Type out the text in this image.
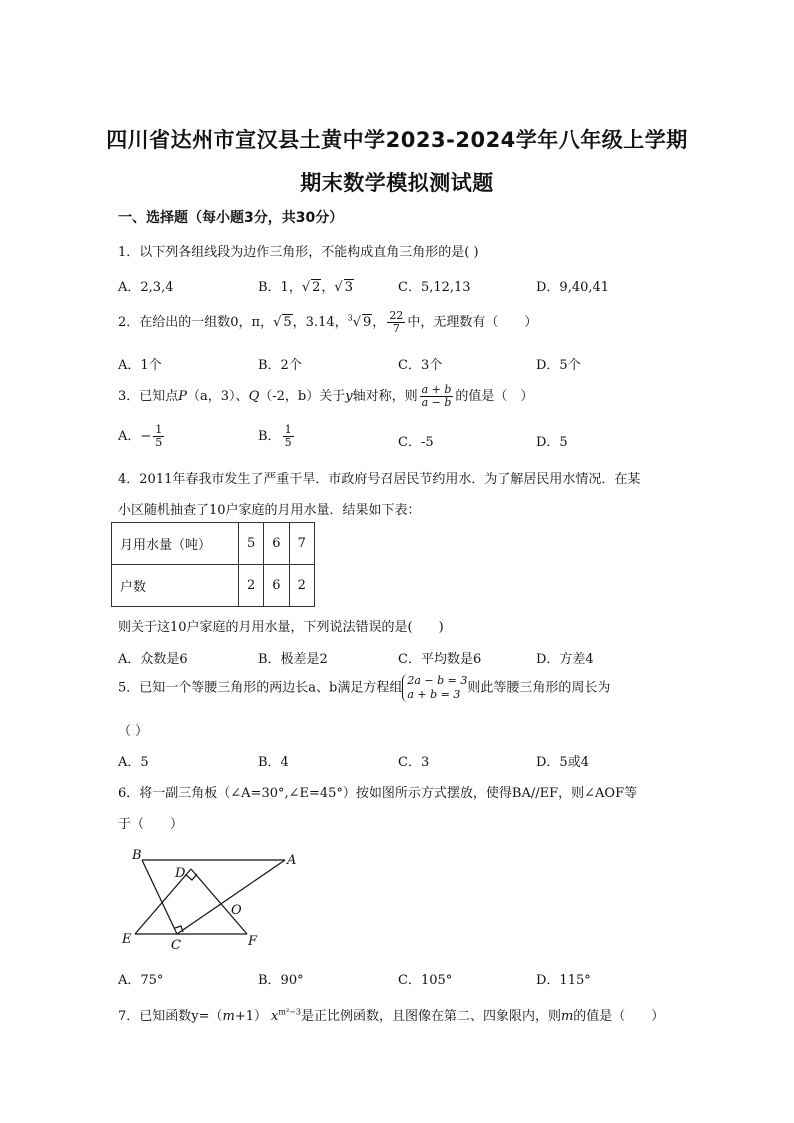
四川省达州市宣汉县土黄中学2023-2024学年八年级上学期
期末数学模拟测试题
一、选择题（每小题3分，共30分）
1．以下列各组线段为边作三角形，不能构成直角三角形的是( )
A．2,3,4	B．1，√ 2，√ 3	C．5,12,13	D．9,40,41
2．在给出的一组数0，π，√ 5，3.14，$^3$√ 9， $\frac{22}{7}$ 中，无理数有（　　）
A．1个	B．2个	C．3个	D．5个
3．已知点P（a，3）、Q（-2，b）关于y轴对称，则 $\frac{a + b}{a - b}$ 的值是（　）
A．− $\frac{1}{5}$	B． $\frac{1}{5}$	C．-5	D．5
4．2011年春我市发生了严重干旱．市政府号召居民节约用水．为了解居民用水情况．在某
小区随机抽查了10户家庭的月用水量．结果如下表：
月用水量（吨）	5	6	7
户数	2	6	2
则关于这10户家庭的月用水量，下列说法错误的是(　　)
A．众数是6	B．极差是2	C．平均数是6	D．方差4
5．已知一个等腰三角形的两边长a、b满足方程组 2a − b = 3
a + b = 3 则此等腰三角形的周长为
（ ）
A．5	B．4	C．3	D．5或4
6．将一副三角板（∠A=30°,∠E=45°）按如图所示方式摆放，使得BA//EF，则∠AOF等
于（　　）
B	A
D
O
E	C	F
A．75°	B．90°	C．105°	D．115°
7．已知函数y=（m+1） $x^{m^2-3}$是正比例函数，且图像在第二、四象限内，则m的值是（　　）
